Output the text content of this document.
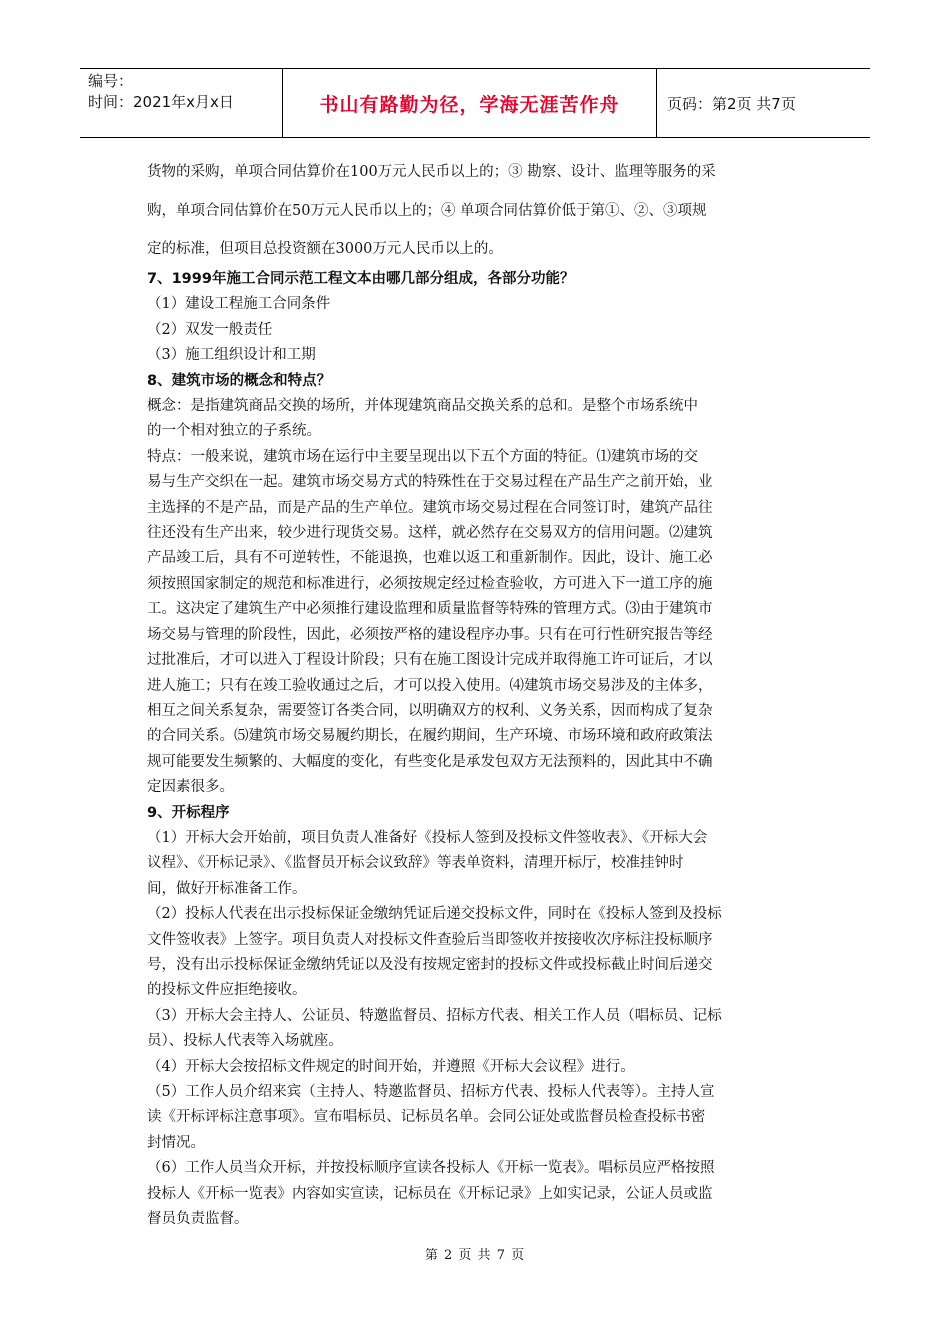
编号：
时间：2021年x月x日	书山有路勤为径，学海无涯苦作舟	页码：第2页 共7页

货物的采购，单项合同估算价在100万元人民币以上的；③ 勘察、设计、监理等服务的采

购，单项合同估算价在50万元人民币以上的；④ 单项合同估算价低于第①、②、③项规

定的标准，但项目总投资额在3000万元人民币以上的。

7、1999年施工合同示范工程文本由哪几部分组成，各部分功能？

（1）建设工程施工合同条件

（2）双发一般责任

（3）施工组织设计和工期

8、建筑市场的概念和特点？

概念：是指建筑商品交换的场所，并体现建筑商品交换关系的总和。是整个市场系统中

的一个相对独立的子系统。

特点：一般来说，建筑市场在运行中主要呈现出以下五个方面的特征。⑴建筑市场的交

易与生产交织在一起。建筑市场交易方式的特殊性在于交易过程在产品生产之前开始，业

主选择的不是产品，而是产品的生产单位。建筑市场交易过程在合同签订时，建筑产品往

往还没有生产出来，较少进行现货交易。这样，就必然存在交易双方的信用问题。⑵建筑

产品竣工后，具有不可逆转性，不能退换，也难以返工和重新制作。因此，设计、施工必

须按照国家制定的规范和标准进行，必须按规定经过检查验收，方可进入下一道工序的施

工。这决定了建筑生产中必须推行建设监理和质量监督等特殊的管理方式。⑶由于建筑市

场交易与管理的阶段性，因此，必须按严格的建设程序办事。只有在可行性研究报告等经

过批准后，才可以进入丁程设计阶段；只有在施工图设计完成并取得施工许可证后，才以

进人施工；只有在竣工验收通过之后，才可以投入使用。⑷建筑市场交易涉及的主体多，

相互之间关系复杂，需要签订各类合同，以明确双方的权利、义务关系，因而构成了复杂

的合同关系。⑸建筑市场交易履约期长，在履约期间，生产环境、市场环境和政府政策法

规可能要发生频繁的、大幅度的变化，有些变化是承发包双方无法预料的，因此其中不确

定因素很多。

9、开标程序

（1）开标大会开始前，项目负责人准备好《投标人签到及投标文件签收表》、《开标大会

议程》、《开标记录》、《监督员开标会议致辞》等表单资料，清理开标厅，校准挂钟时

间，做好开标准备工作。

（2）投标人代表在出示投标保证金缴纳凭证后递交投标文件，同时在《投标人签到及投标

文件签收表》上签字。项目负责人对投标文件查验后当即签收并按接收次序标注投标顺序

号，没有出示投标保证金缴纳凭证以及没有按规定密封的投标文件或投标截止时间后递交

的投标文件应拒绝接收。

（3）开标大会主持人、公证员、特邀监督员、招标方代表、相关工作人员（唱标员、记标

员）、投标人代表等入场就座。

（4）开标大会按招标文件规定的时间开始，并遵照《开标大会议程》进行。

（5）工作人员介绍来宾（主持人、特邀监督员、招标方代表、投标人代表等）。主持人宣

读《开标评标注意事项》。宣布唱标员、记标员名单。会同公证处或监督员检查投标书密

封情况。

（6）工作人员当众开标，并按投标顺序宣读各投标人《开标一览表》。唱标员应严格按照

投标人《开标一览表》内容如实宣读，记标员在《开标记录》上如实记录，公证人员或监

督员负责监督。

第 2 页 共 7 页
